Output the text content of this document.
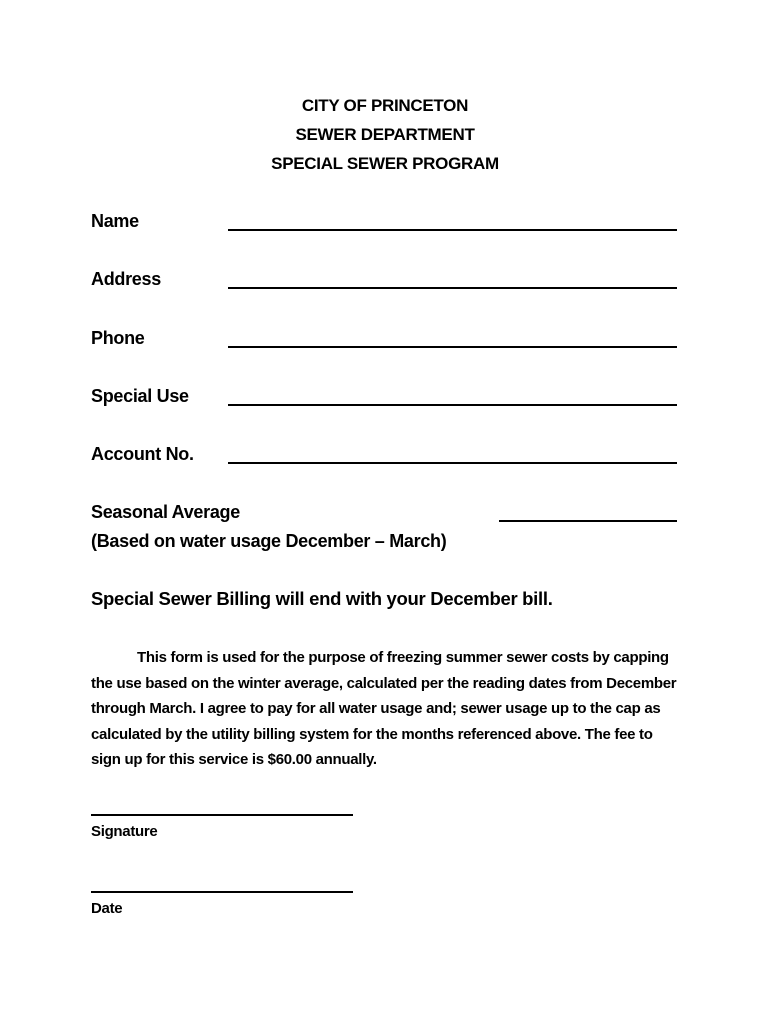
CITY OF PRINCETON
SEWER DEPARTMENT
SPECIAL SEWER PROGRAM
Name
Address
Phone
Special Use
Account No.
Seasonal Average
(Based on water usage December – March)
Special Sewer Billing will end with your December bill.
This form is used for the purpose of freezing summer sewer costs by capping the use based on the winter average, calculated per the reading dates from December through March. I agree to pay for all water usage and; sewer usage up to the cap as calculated by the utility billing system for the months referenced above. The fee to sign up for this service is $60.00 annually.
Signature
Date
